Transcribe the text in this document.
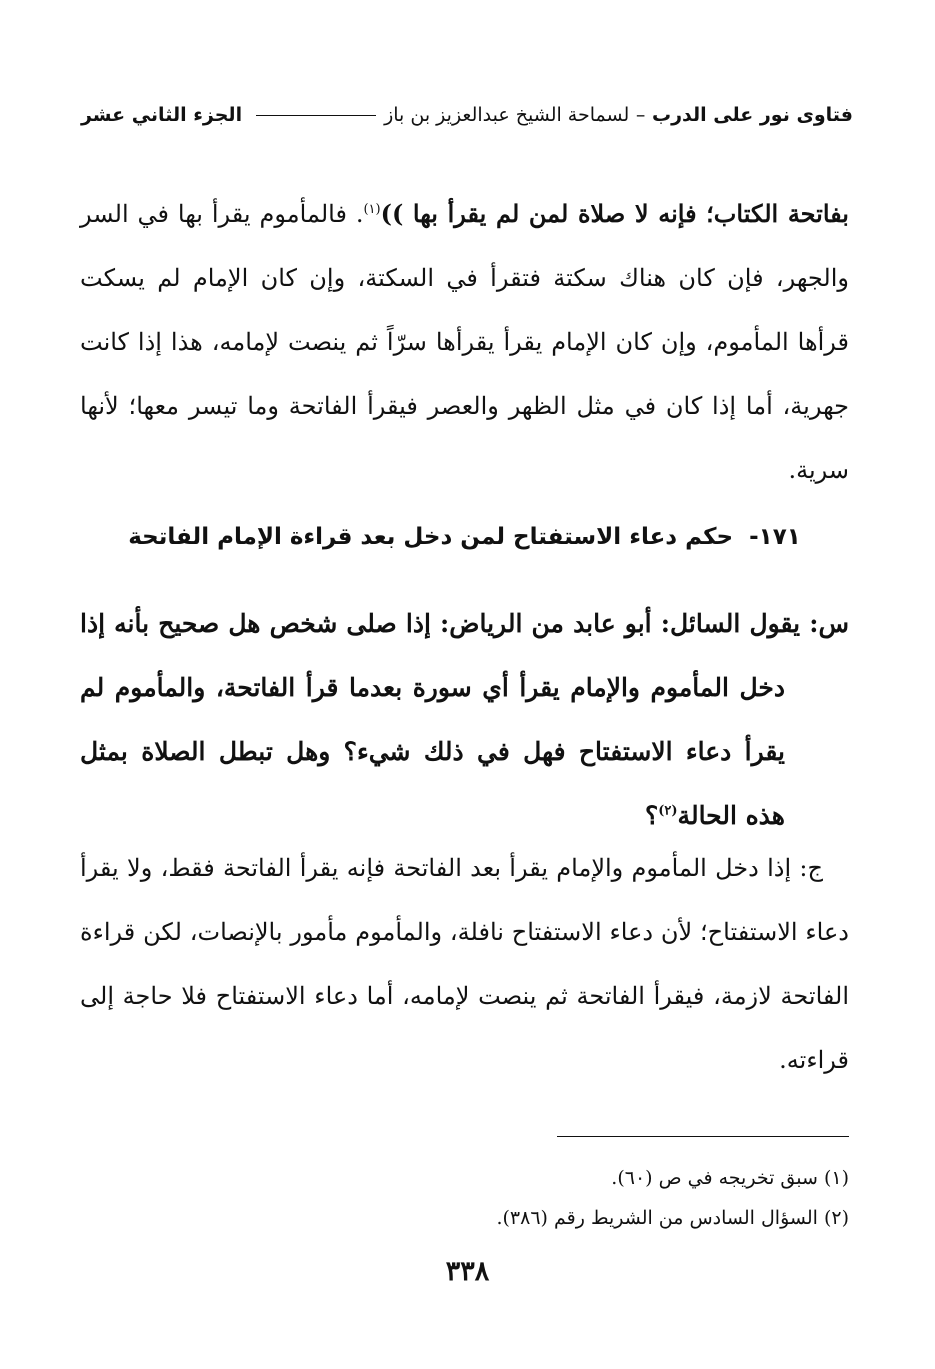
فتاوى نور على الدرب – لسماحة الشيخ عبدالعزيز بن باز
الجزء الثاني عشر
بفاتحة الكتاب؛ فإنه لا صلاة لمن لم يقرأ بها ))$^{(١)}$. فالمأموم يقرأ بها في السر والجهر، فإن كان هناك سكتة فتقرأ في السكتة، وإن كان الإمام لم يسكت قرأها المأموم، وإن كان الإمام يقرأ يقرأها سرّاً ثم ينصت لإمامه، هذا إذا كانت جهرية، أما إذا كان في مثل الظهر والعصر فيقرأ الفاتحة وما تيسر معها؛ لأنها سرية.
١٧١-حكم دعاء الاستفتاح لمن دخل بعد قراءة الإمام الفاتحة
س: يقول السائل: أبو عابد من الرياض: إذا صلى شخص هل صحيح بأنه إذا دخل المأموم والإمام يقرأ أي سورة بعدما قرأ الفاتحة، والمأموم لم يقرأ دعاء الاستفتاح فهل في ذلك شيء؟ وهل تبطل الصلاة بمثل هذه الحالة$^{(٢)}$؟
ج: إذا دخل المأموم والإمام يقرأ بعد الفاتحة فإنه يقرأ الفاتحة فقط، ولا يقرأ دعاء الاستفتاح؛ لأن دعاء الاستفتاح نافلة، والمأموم مأمور بالإنصات، لكن قراءة الفاتحة لازمة، فيقرأ الفاتحة ثم ينصت لإمامه، أما دعاء الاستفتاح فلا حاجة إلى قراءته.
(١) سبق تخريجه في ص (٦٠).
(٢) السؤال السادس من الشريط رقم (٣٨٦).
٣٣٨
